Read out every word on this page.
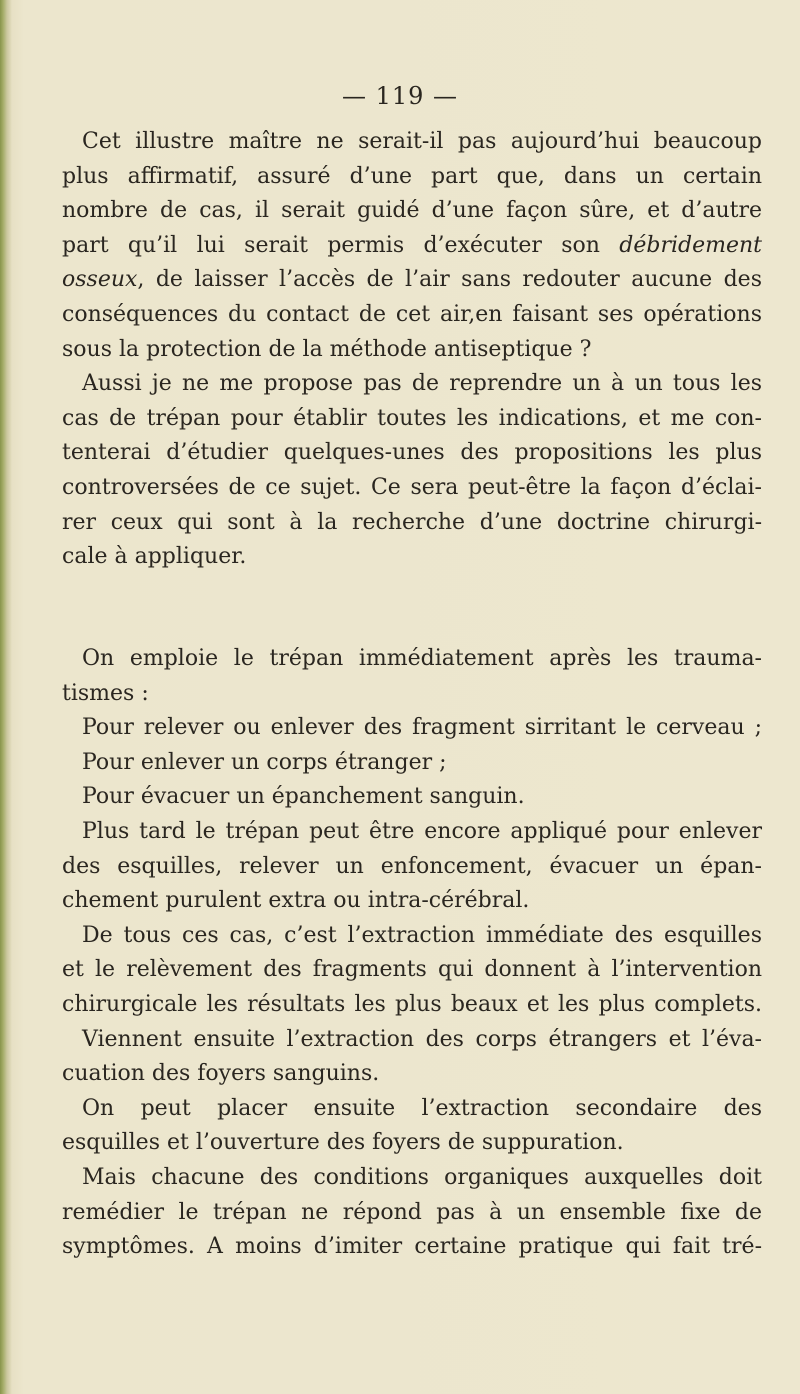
— 119 —

Cet illustre maître ne serait-il pas aujourd’hui beaucoup
plus affirmatif, assuré d’une part que, dans un certain
nombre de cas, il serait guidé d’une façon sûre, et d’autre
part qu’il lui serait permis d’exécuter son débridement
osseux, de laisser l’accès de l’air sans redouter aucune des
conséquences du contact de cet air,en faisant ses opérations
sous la protection de la méthode antiseptique ?
Aussi je ne me propose pas de reprendre un à un tous les
cas de trépan pour établir toutes les indications, et me con-
tenterai d’étudier quelques-unes des propositions les plus
controversées de ce sujet. Ce sera peut-être la façon d’éclai-
rer ceux qui sont à la recherche d’une doctrine chirurgi-
cale à appliquer.
On emploie le trépan immédiatement après les trauma-
tismes :
Pour relever ou enlever des fragment sirritant le cerveau ;
Pour enlever un corps étranger ;
Pour évacuer un épanchement sanguin.
Plus tard le trépan peut être encore appliqué pour enlever
des esquilles, relever un enfoncement, évacuer un épan-
chement purulent extra ou intra-cérébral.
De tous ces cas, c’est l’extraction immédiate des esquilles
et le relèvement des fragments qui donnent à l’intervention
chirurgicale les résultats les plus beaux et les plus complets.
Viennent ensuite l’extraction des corps étrangers et l’éva-
cuation des foyers sanguins.
On peut placer ensuite l’extraction secondaire des
esquilles et l’ouverture des foyers de suppuration.
Mais chacune des conditions organiques auxquelles doit
remédier le trépan ne répond pas à un ensemble fixe de
symptômes. A moins d’imiter certaine pratique qui fait tré-
